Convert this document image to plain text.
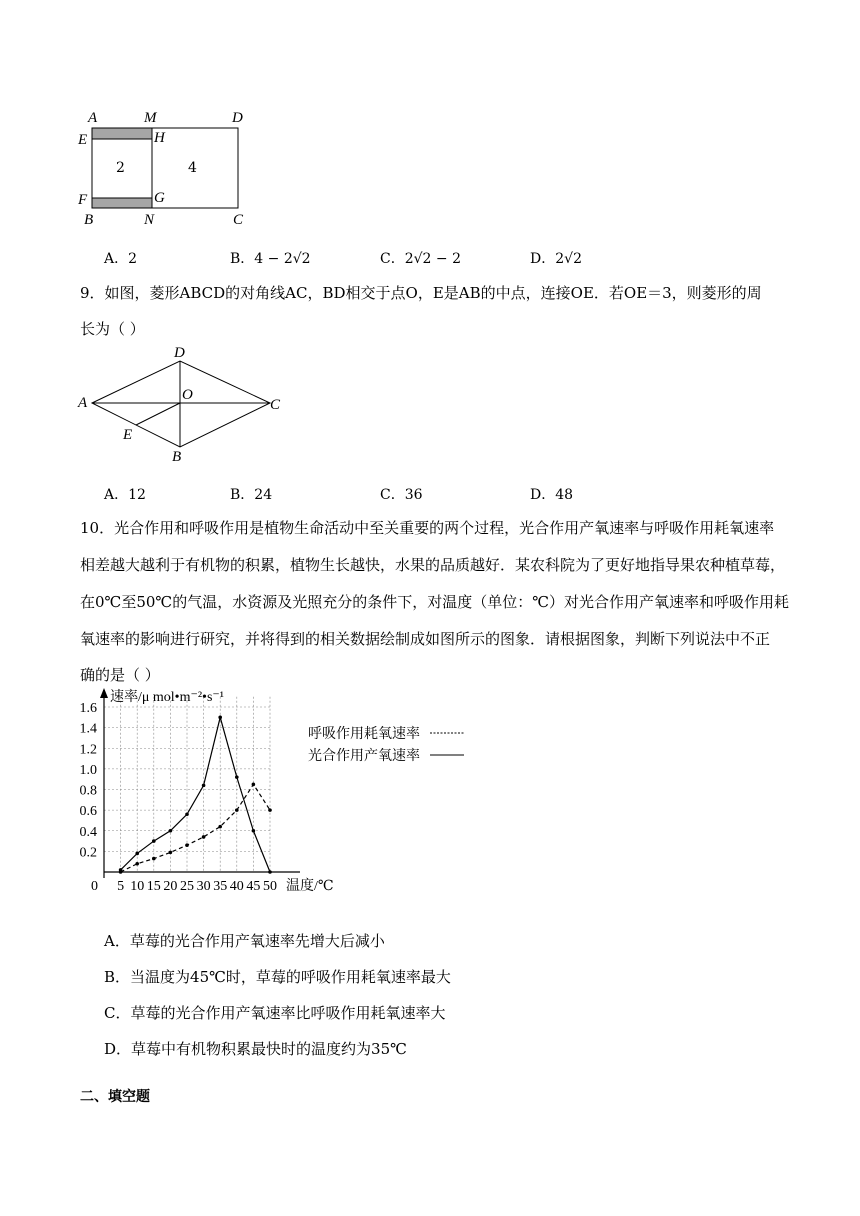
A	M	D
E	H
F	G
B	N	C
2	4
A．2	B．4 − 2√2	C．2√2 − 2	D．2√2
9．如图，菱形ABCD的对角线AC，BD相交于点O，E是AB的中点，连接OE．若OE＝3，则菱形的周
长为（ ）
D
A	O
C
E
B
A．12	B．24	C．36	D．48
10．光合作用和呼吸作用是植物生命活动中至关重要的两个过程，光合作用产氧速率与呼吸作用耗氧速率
相差越大越利于有机物的积累，植物生长越快，水果的品质越好．某农科院为了更好地指导果农种植草莓，
在0℃至50℃的气温，水资源及光照充分的条件下，对温度（单位：℃）对光合作用产氧速率和呼吸作用耗
氧速率的影响进行研究，并将得到的相关数据绘制成如图所示的图象．请根据图象，判断下列说法中不正
确的是（ ）
0.2
0.4
0.6
0.8
1.0
1.2
1.4
1.6
5 10 15 20 25 30 35 40 45 50
0
速率/μ mol•m⁻²•s⁻¹
温度/℃
呼吸作用耗氧速率
光合作用产氧速率
A．草莓的光合作用产氧速率先增大后减小
B．当温度为45℃时，草莓的呼吸作用耗氧速率最大
C．草莓的光合作用产氧速率比呼吸作用耗氧速率大
D．草莓中有机物积累最快时的温度约为35℃
二、填空题
